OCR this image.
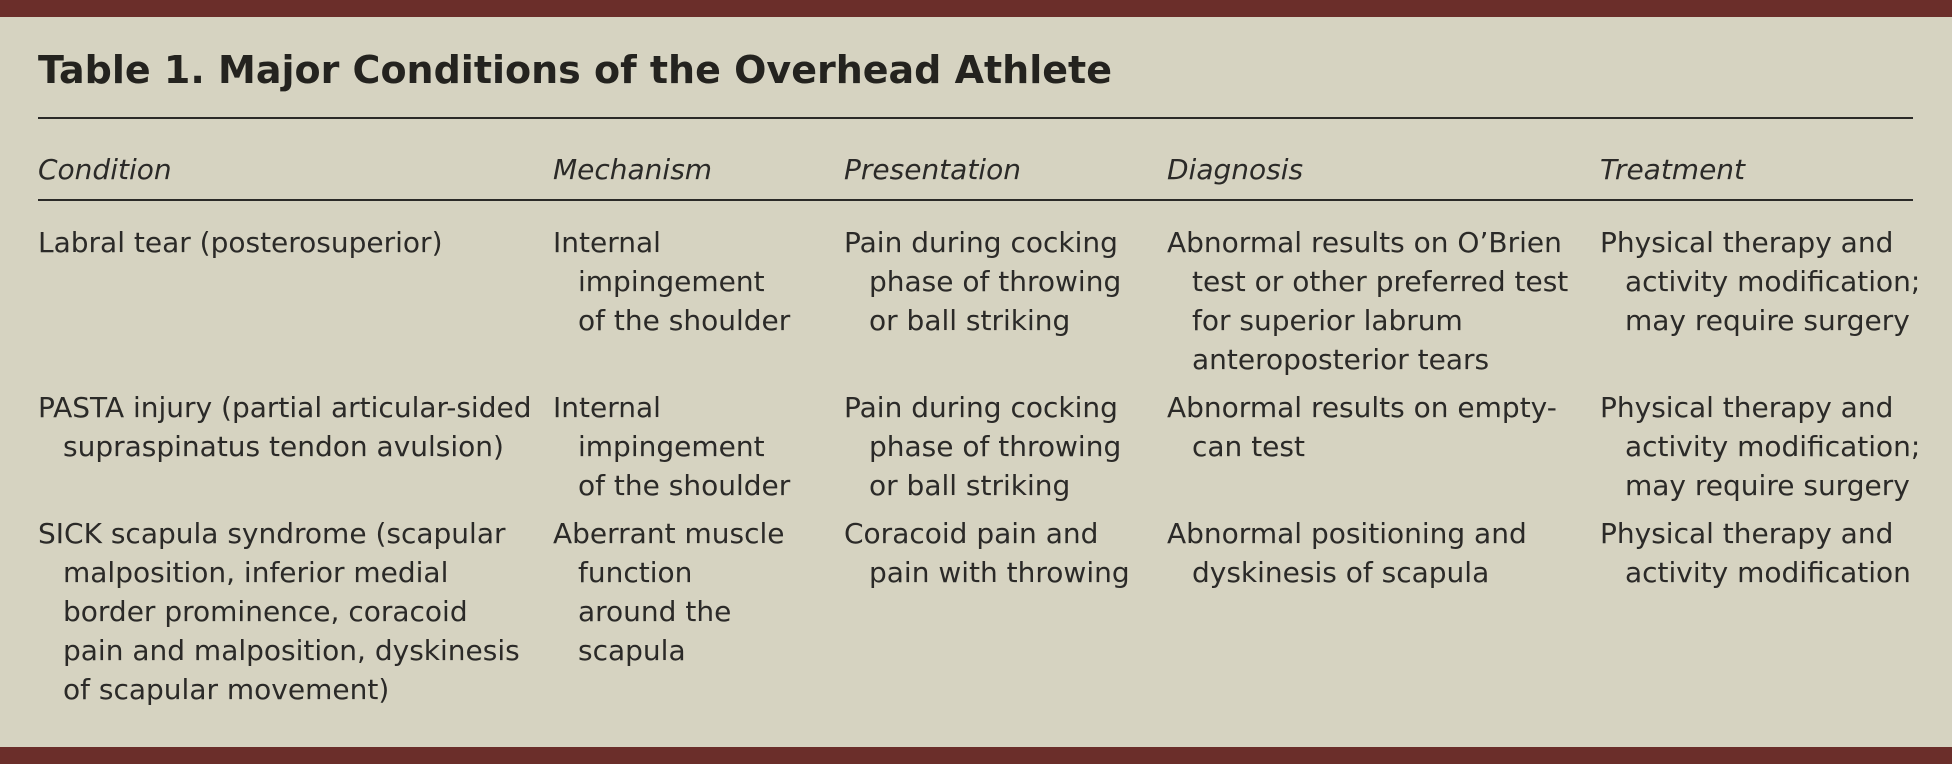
Table 1. Major Conditions of the Overhead Athlete
Condition	Mechanism	Presentation	Diagnosis	Treatment

Labral tear (posterosuperior)	Internal impingement of the shoulder	Pain during cocking phase of throwing or ball striking	Abnormal results on O’Brien test or other preferred test for superior labrum anteroposterior tears	Physical therapy and activity modification; may require surgery

PASTA injury (partial articular-sided supraspinatus tendon avulsion)	Internal impingement of the shoulder	Pain during cocking phase of throwing or ball striking	Abnormal results on empty-can test	Physical therapy and activity modification; may require surgery

SICK scapula syndrome (scapular malposition, inferior medial border prominence, coracoid pain and malposition, dyskinesis of scapular movement)	Aberrant muscle function around the scapula	Coracoid pain and pain with throwing	Abnormal positioning and dyskinesis of scapula	Physical therapy and activity modification
